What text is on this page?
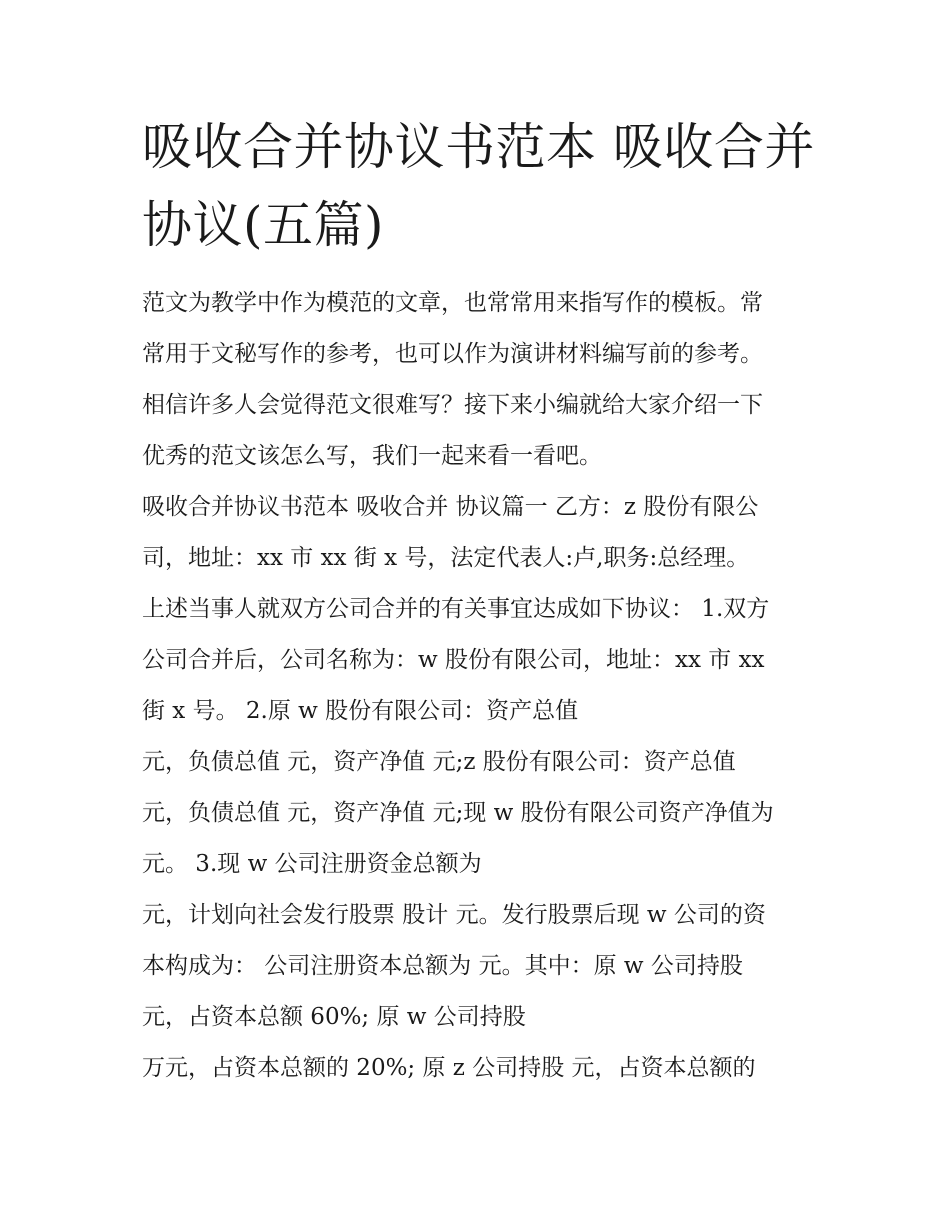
吸收合并协议书范本 吸收合并
协议(五篇)
范文为教学中作为模范的文章，也常常用来指写作的模板。常
常用于文秘写作的参考，也可以作为演讲材料编写前的参考。
相信许多人会觉得范文很难写？接下来小编就给大家介绍一下
优秀的范文该怎么写，我们一起来看一看吧。
吸收合并协议书范本 吸收合并 协议篇一 乙方：z 股份有限公
司，地址：xx 市 xx 街 x 号，法定代表人:卢,职务:总经理。
上述当事人就双方公司合并的有关事宜达成如下协议： 1.双方
公司合并后，公司名称为：w 股份有限公司，地址：xx 市 xx
街 x 号。 2.原 w 股份有限公司：资产总值
元，负债总值 元，资产净值 元;z 股份有限公司：资产总值
元，负债总值 元，资产净值 元;现 w 股份有限公司资产净值为
元。 3.现 w 公司注册资金总额为
元，计划向社会发行股票 股计 元。发行股票后现 w 公司的资
本构成为： 公司注册资本总额为 元。其中：原 w 公司持股
元，占资本总额 60%; 原 w 公司持股
万元，占资本总额的 20%; 原 z 公司持股 元，占资本总额的
